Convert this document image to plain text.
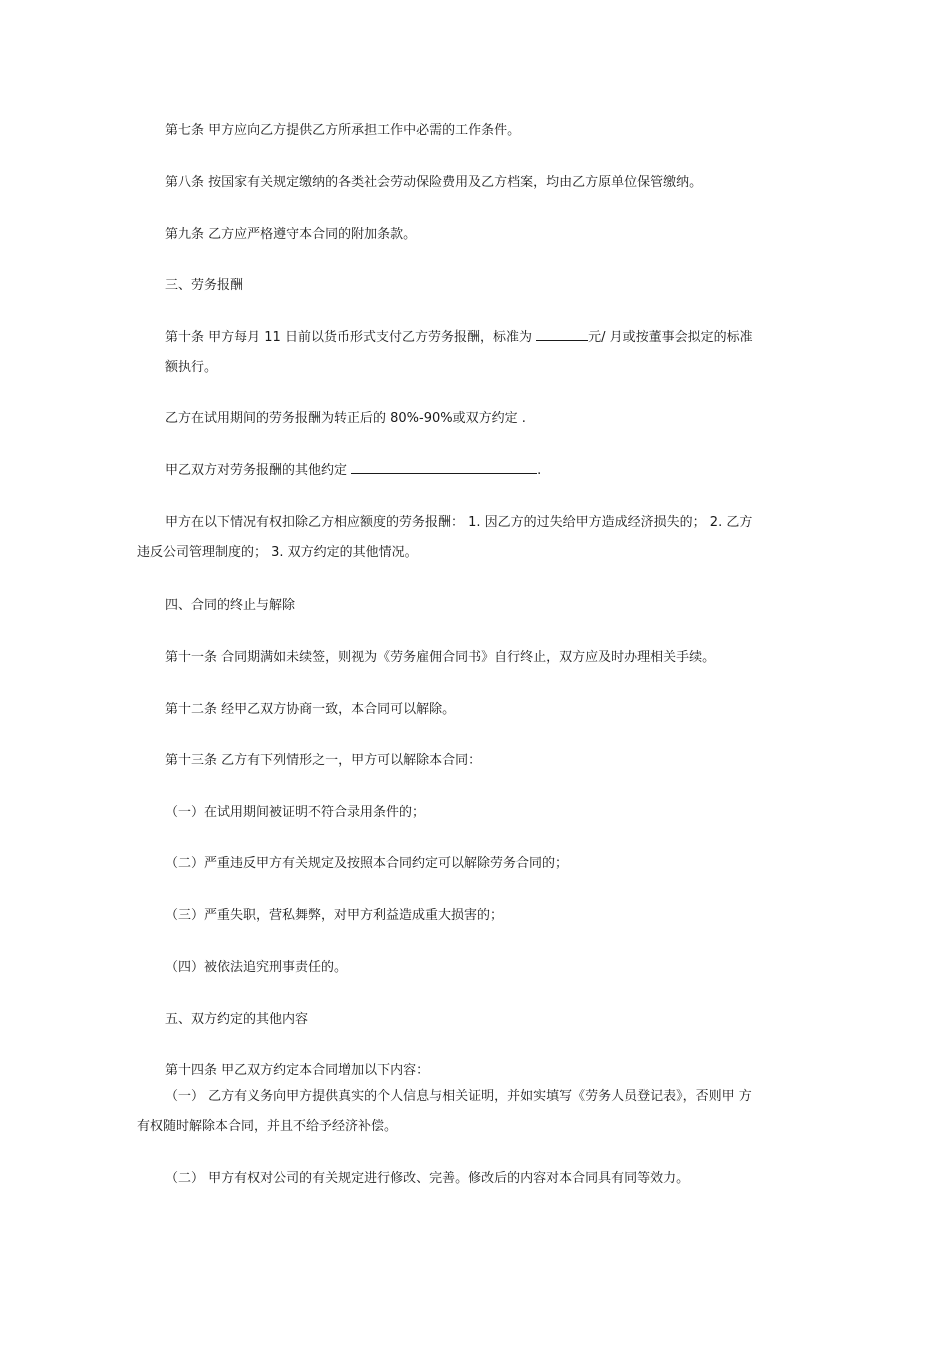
第七条 甲方应向乙方提供乙方所承担工作中必需的工作条件。
第八条 按国家有关规定缴纳的各类社会劳动保险费用及乙方档案，均由乙方原单位保管缴纳。
第九条 乙方应严格遵守本合同的附加条款。
三、劳务报酬
第十条 甲方每月 11 日前以货币形式支付乙方劳务报酬，标准为	元/ 月或按董事会拟定的标准
额执行。
乙方在试用期间的劳务报酬为转正后的 80%-90%或双方约定 .
甲乙双方对劳务报酬的其他约定	.
甲方在以下情况有权扣除乙方相应额度的劳务报酬： 1. 因乙方的过失给甲方造成经济损失的； 2. 乙方
违反公司管理制度的； 3. 双方约定的其他情况。
四、合同的终止与解除
第十一条 合同期满如未续签，则视为《劳务雇佣合同书》自行终止，双方应及时办理相关手续。
第十二条 经甲乙双方协商一致，本合同可以解除。
第十三条 乙方有下列情形之一，甲方可以解除本合同：
（一）在试用期间被证明不符合录用条件的；
（二）严重违反甲方有关规定及按照本合同约定可以解除劳务合同的；
（三）严重失职，营私舞弊，对甲方利益造成重大损害的；
（四）被依法追究刑事责任的。
五、双方约定的其他内容
第十四条 甲乙双方约定本合同增加以下内容：
（一） 乙方有义务向甲方提供真实的个人信息与相关证明，并如实填写《劳务人员登记表》，否则甲 方
有权随时解除本合同，并且不给予经济补偿。
（二） 甲方有权对公司的有关规定进行修改、完善。修改后的内容对本合同具有同等效力。
